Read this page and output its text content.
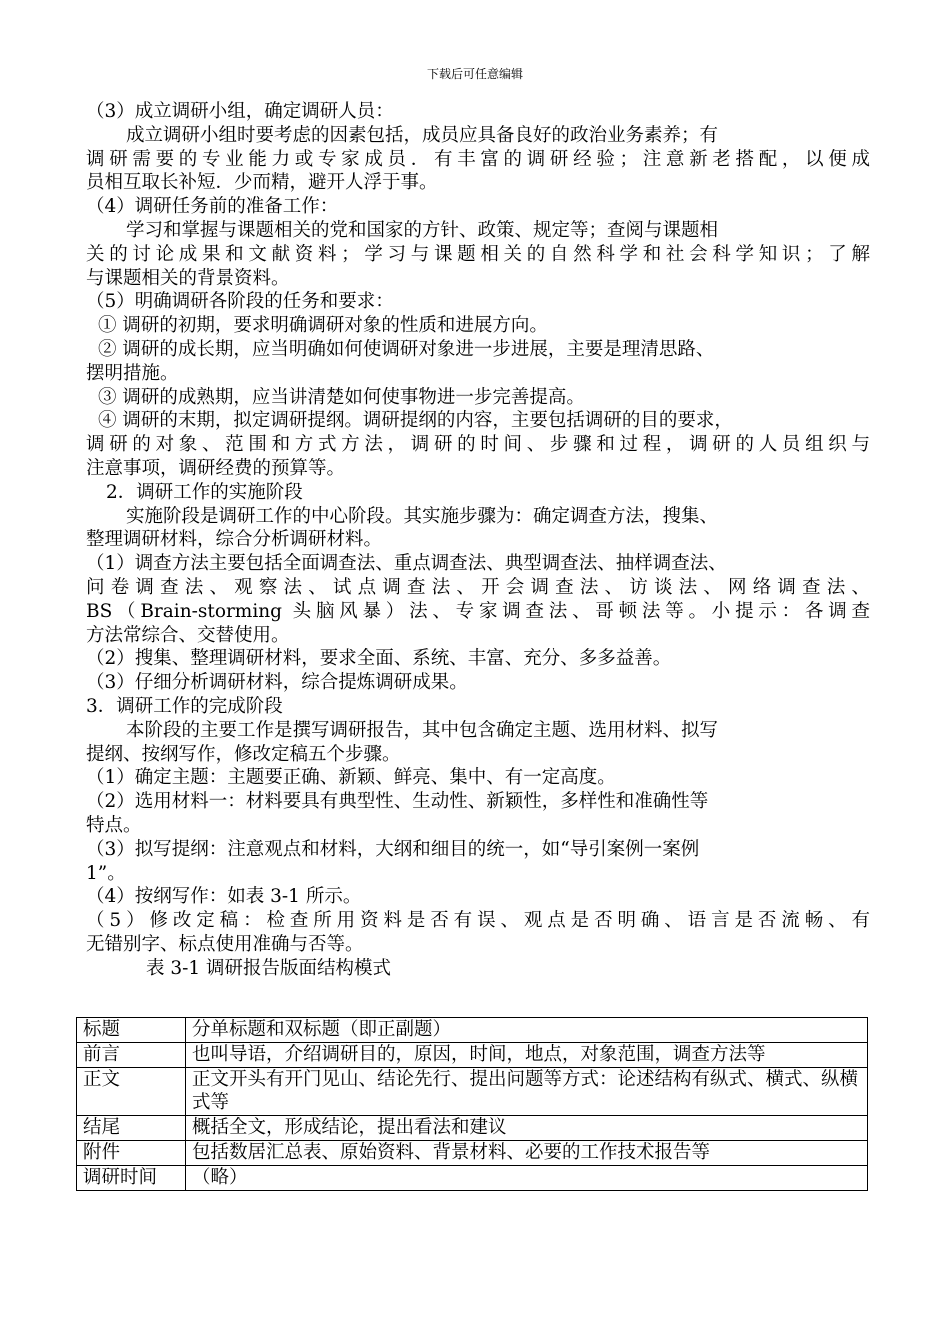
下载后可任意编辑
（3）成立调研小组，确定调研人员：
成立调研小组时要考虑的因素包括，成员应具备良好的政治业务素养；有
调研需要的专业能力或专家成员．有丰富的调研经验；注意新老搭配，以便成
员相互取长补短．少而精，避开人浮于事。
（4）调研任务前的准备工作：
学习和掌握与课题相关的党和国家的方针、政策、规定等；查阅与课题相
关的讨论成果和文献资料；学习与课题相关的自然科学和社会科学知识；了解
与课题相关的背景资料。
（5）明确调研各阶段的任务和要求：
① 调研的初期，要求明确调研对象的性质和进展方向。
② 调研的成长期，应当明确如何使调研对象进一步进展，主要是理清思路、
摆明措施。
③ 调研的成熟期，应当讲清楚如何使事物进一步完善提高。
④ 调研的末期，拟定调研提纲。调研提纲的内容，主要包括调研的目的要求，
调研的对象、范围和方式方法，调研的时间、步骤和过程，调研的人员组织与
注意事项，调研经费的预算等。
2．调研工作的实施阶段
实施阶段是调研工作的中心阶段。其实施步骤为：确定调查方法，搜集、
整理调研材料，综合分析调研材料。
（1）调查方法主要包括全面调查法、重点调查法、典型调查法、抽样调查法、
问卷调查法、观察法、试点调查法、开会调查法、访谈法、网络调查法、
BS（Brain-storming 头脑风暴）法、专家调查法、哥顿法等。小提示：各调查
方法常综合、交替使用。
（2）搜集、整理调研材料，要求全面、系统、丰富、充分、多多益善。
（3）仔细分析调研材料，综合提炼调研成果。
3．调研工作的完成阶段
本阶段的主要工作是撰写调研报告，其中包含确定主题、选用材料、拟写
提纲、按纲写作，修改定稿五个步骤。
（1）确定主题：主题要正确、新颖、鲜亮、集中、有一定高度。
（2）选用材料一：材料要具有典型性、生动性、新颖性，多样性和准确性等
特点。
（3）拟写提纲：注意观点和材料，大纲和细目的统一，如“导引案例一案例
1”。
（4）按纲写作：如表 3-1 所示。
（5）修改定稿：检查所用资料是否有误、观点是否明确、语言是否流畅、有
无错别字、标点使用准确与否等。
表 3-1 调研报告版面结构模式
标题	分单标题和双标题（即正副题）
前言	也叫导语，介绍调研目的，原因，时间，地点，对象范围，调查方法等
正文	正文开头有开门见山、结论先行、提出问题等方式：论述结构有纵式、横式、纵横式等
结尾	概括全文，形成结论，提出看法和建议
附件	包括数居汇总表、原始资料、背景材料、必要的工作技术报告等
调研时间	（略）
